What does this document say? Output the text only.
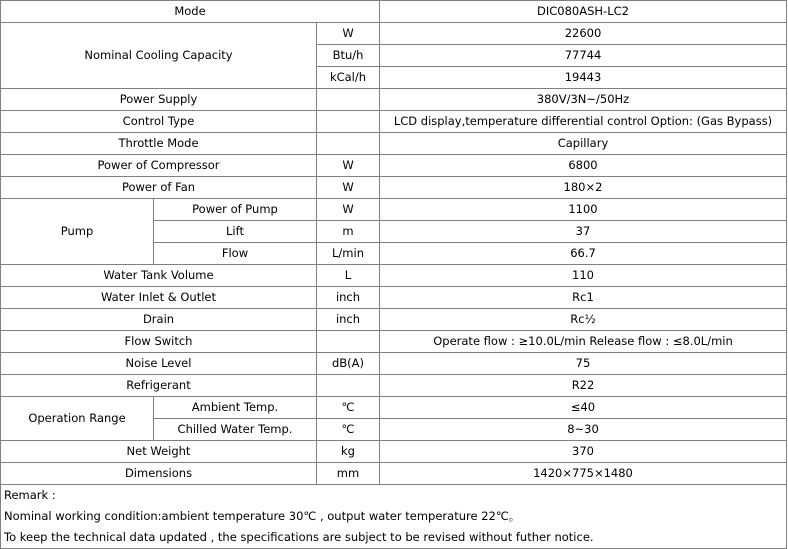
Mode			DIC080ASH-LC2
Nominal Cooling Capacity		W	22600
		Btu/h	77744
		kCal/h	19443
Power Supply			380V/3N~/50Hz
Control Type			LCD display,temperature differential control Option: (Gas Bypass)
Throttle Mode			Capillary
Power of Compressor		W	6800
Power of Fan		W	180×2
Pump	Power of Pump	W	1100
	Lift	m	37
	Flow	L/min	66.7
Water Tank Volume		L	110
Water Inlet & Outlet		inch	Rc1
Drain		inch	Rc½
Flow Switch			Operate flow : ≥10.0L/min Release flow : ≤8.0L/min
Noise Level		dB(A)	75
Refrigerant			R22
Operation Range	Ambient Temp.	℃	≤40
	Chilled Water Temp.	℃	8~30
Net Weight		kg	370
Dimensions		mm	1420×775×1480
Remark :			
Nominal working condition:ambient temperature 30℃ , output water temperature 22℃。			
To keep the technical data updated , the specifications are subject to be revised without futher notice.			
